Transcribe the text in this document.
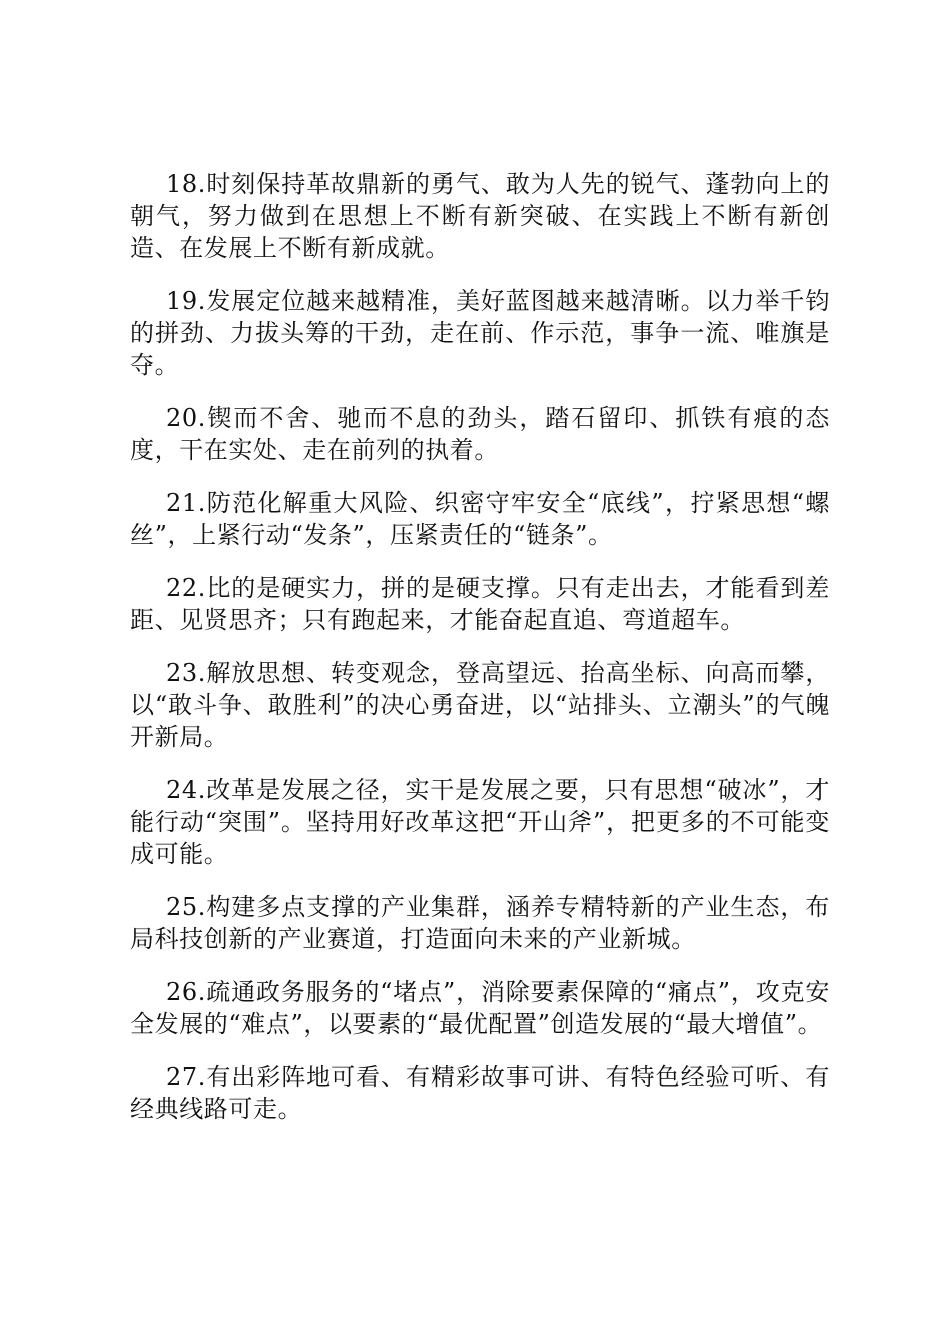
18.时刻保持革故鼎新的勇气、敢为人先的锐气、蓬勃向上的朝气，努力做到在思想上不断有新突破、在实践上不断有新创造、在发展上不断有新成就。

19.发展定位越来越精准，美好蓝图越来越清晰。以力举千钧的拼劲、力拔头筹的干劲，走在前、作示范，事争一流、唯旗是夺。

20.锲而不舍、驰而不息的劲头，踏石留印、抓铁有痕的态度，干在实处、走在前列的执着。

21.防范化解重大风险、织密守牢安全“底线”，拧紧思想“螺丝”，上紧行动“发条”，压紧责任的“链条”。

22.比的是硬实力，拼的是硬支撑。只有走出去，才能看到差距、见贤思齐；只有跑起来，才能奋起直追、弯道超车。

23.解放思想、转变观念，登高望远、抬高坐标、向高而攀，以“敢斗争、敢胜利”的决心勇奋进，以“站排头、立潮头”的气魄开新局。

24.改革是发展之径，实干是发展之要，只有思想“破冰”，才能行动“突围”。坚持用好改革这把“开山斧”，把更多的不可能变成可能。

25.构建多点支撑的产业集群，涵养专精特新的产业生态，布局科技创新的产业赛道，打造面向未来的产业新城。

26.疏通政务服务的“堵点”，消除要素保障的“痛点”，攻克安全发展的“难点”，以要素的“最优配置”创造发展的“最大增值”。

27.有出彩阵地可看、有精彩故事可讲、有特色经验可听、有经典线路可走。
